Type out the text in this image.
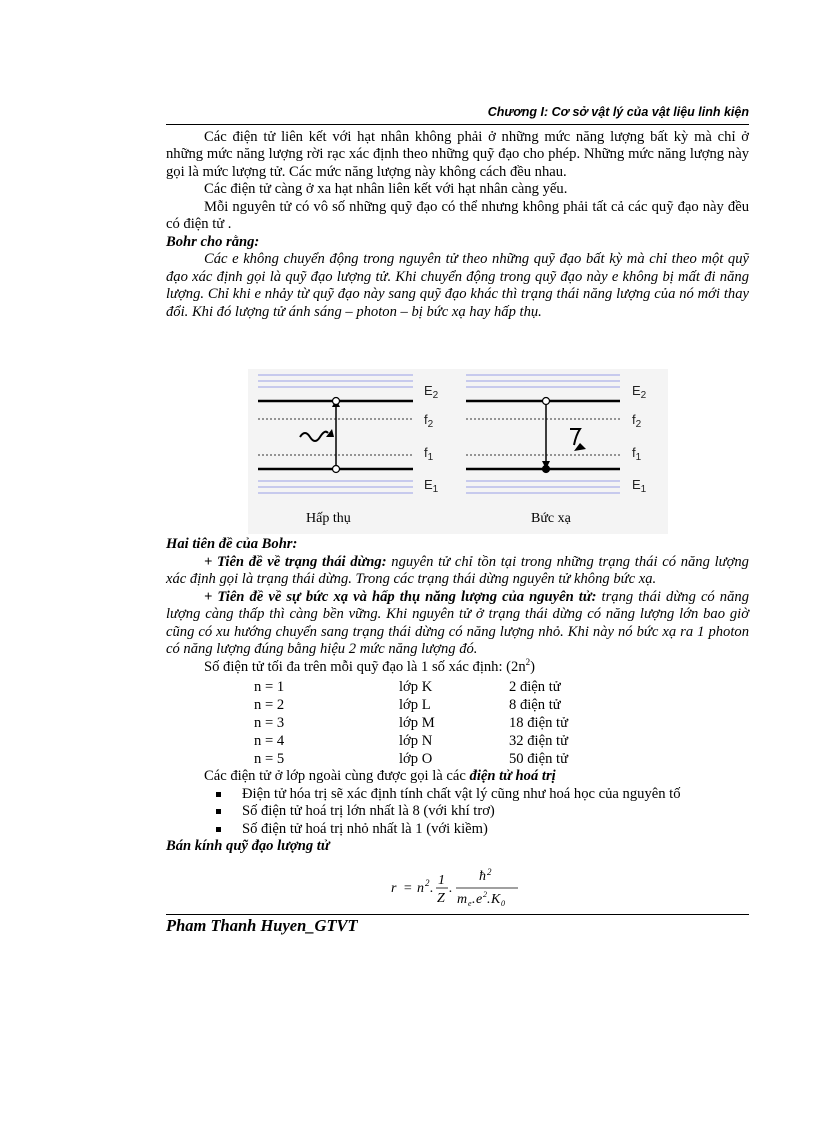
Chương I: Cơ sở vật lý của vật liệu linh kiện

Các điện tử liên kết với hạt nhân không phải ở những mức năng lượng bất kỳ mà chỉ ở những mức năng lượng rời rạc xác định theo những quỹ đạo cho phép. Những mức năng lượng này gọi là mức lượng tử. Các mức năng lượng này không cách đều nhau.

Các điện tử càng ở xa hạt nhân liên kết với hạt nhân càng yếu.

Mỗi nguyên tử có vô số những quỹ đạo có thể nhưng không phải tất cả các quỹ đạo này đều có điện tử .

Bohr cho rằng:

Các e không chuyển động trong nguyên tử theo những quỹ đạo bất kỳ mà chỉ theo một quỹ đạo xác định gọi là quỹ đạo lượng tử. Khi chuyển động trong quỹ đạo này e không bị mất đi năng lượng. Chỉ khi e nhảy từ quỹ đạo này sang quỹ đạo khác thì trạng thái năng lượng của nó mới thay đổi. Khi đó lượng tử ánh sáng – photon – bị bức xạ hay hấp thụ.

$E_2$
$f_2$
$f_1$
$E_1$
$E_2$
$f_2$
$f_1$
$E_1$
Hấp thụ	Bức xạ

Hai tiên đề của Bohr:

+ Tiên đề về trạng thái dừng: nguyên tử chỉ tồn tại trong những trạng thái có năng lượng xác định gọi là trạng thái dừng. Trong các trạng thái dừng nguyên tử không bức xạ.

+ Tiên đề về sự bức xạ và hấp thụ năng lượng của nguyên tử: trạng thái dừng có năng lượng càng thấp thì càng bền vững. Khi nguyên tử ở trạng thái dừng có năng lượng lớn bao giờ cũng có xu hướng chuyển sang trạng thái dừng có năng lượng nhỏ. Khi này nó bức xạ ra 1 photon có năng lượng đúng bằng hiệu 2 mức năng lượng đó.

Số điện tử tối đa trên mỗi quỹ đạo là 1 số xác định: $(2n^2)$

n = 1	lớp K	2 điện tử
n = 2	lớp L	8 điện tử
n = 3	lớp M	18 điện tử
n = 4	lớp N	32 điện tử
n = 5	lớp O	50 điện tử

Các điện tử ở lớp ngoài cùng được gọi là các điện tử hoá trị

Điện tử hóa trị sẽ xác định tính chất vật lý cũng như hoá học của nguyên tố
Số điện tử hoá trị lớn nhất là 8 (với khí trơ)
Số điện tử hoá trị nhỏ nhất là 1 (với kiềm)

Bán kính quỹ đạo lượng tử

r = n 2 .
1
Z
.
ħ 2
m e . e 2 . K 0
Pham Thanh Huyen_GTVT
